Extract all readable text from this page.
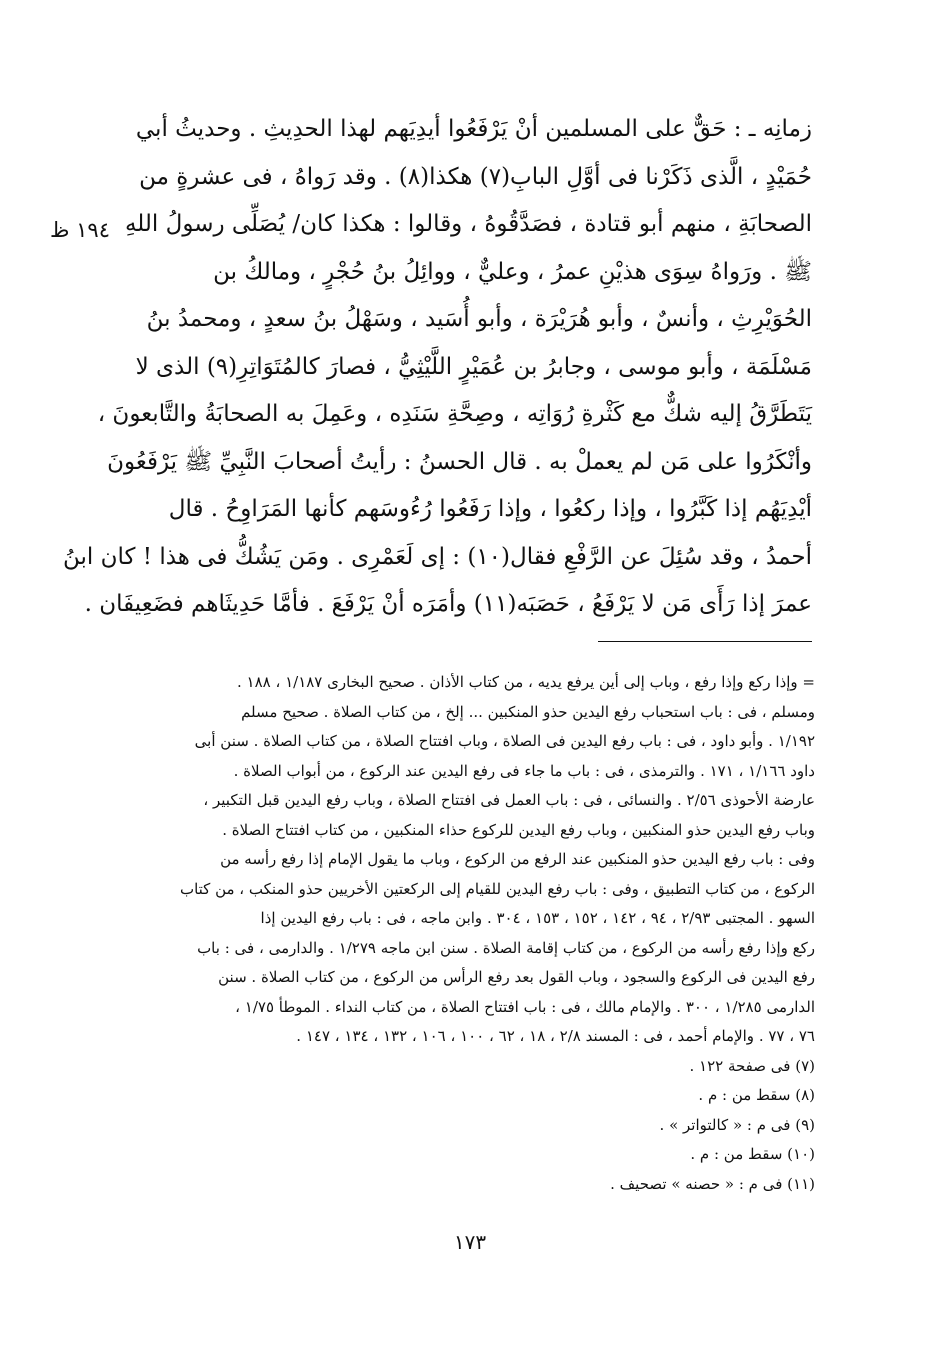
زمانِه ـ : حَقٌّ على المسلمين أنْ يَرْفَعُوا أيدِيَهم لهذا الحدِيثِ . وحديثُ أبي
حُمَيْدٍ ، الَّذى ذَكَرْنا فى أوَّلِ البابِ(٧) هكذا(٨) . وقد رَواهُ ، فى عشرةٍ من
الصحابَةِ ، منهم أبو قتادة ، فصَدَّقُوهُ ، وقالوا : هكذا كان/ يُصَلِّى رسولُ اللهِ
ﷺ . ورَواهُ سِوَى هذيْنِ عمرُ ، وعليٌّ ، ووائِلُ بنُ حُجْرٍ ، ومالكُ بن
الحُوَيْرِثِ ، وأنسٌ ، وأبو هُرَيْرَة ، وأبو أُسَيد ، وسَهْلُ بنُ سعدٍ ، ومحمدُ بنُ
مَسْلَمَة ، وأبو موسى ، وجابرُ بن عُمَيْرٍ اللَّيْثِيُّ ، فصارَ كالمُتَوَاتِرِ(٩) الذى لا
يَتَطَرَّقُ إليه شكٌّ مع كَثْرةِ رُوَاتِه ، وصِحَّةِ سَنَدِه ، وعَمِلَ به الصحابَةُ والتَّابعونَ ،
وأنْكَرُوا على مَن لم يعملْ به . قال الحسنُ : رأيتُ أصحابَ النَّبِيِّ ﷺ يَرْفَعُونَ
أيْدِيَهُم إذا كَبَّرُوا ، وإذا ركعُوا ، وإذا رَفَعُوا رُءُوسَهم كأنها المَرَاوِحُ . قال
أحمدُ ، وقد سُئِلَ عن الرَّفْعِ فقال(١٠) : إى لَعَمْرِى . ومَن يَشُكُّ فى هذا ! كان ابنُ
عمرَ إذا رَأَى مَن لا يَرْفَعُ ، حَصَبَه(١١) وأمَرَه أنْ يَرْفَعَ . فأمَّا حَدِيثَاهم فضَعِيفَان .
١٩٤ ظ
= وإذا ركع وإذا رفع ، وباب إلى أين يرفع يديه ، من كتاب الأذان . صحيح البخارى ١/١٨٧ ، ١٨٨ .
ومسلم ، فى : باب استحباب رفع اليدين حذو المنكبين ... إلخ ، من كتاب الصلاة . صحيح مسلم
١/١٩٢ . وأبو داود ، فى : باب رفع اليدين فى الصلاة ، وباب افتتاح الصلاة ، من كتاب الصلاة . سنن أبى
داود ١/١٦٦ ، ١٧١ . والترمذى ، فى : باب ما جاء فى رفع اليدين عند الركوع ، من أبواب الصلاة .
عارضة الأحوذى ٢/٥٦ . والنسائى ، فى : باب العمل فى افتتاح الصلاة ، وباب رفع اليدين قبل التكبير ،
وباب رفع اليدين حذو المنكبين ، وباب رفع اليدين للركوع حذاء المنكبين ، من كتاب افتتاح الصلاة .
وفى : باب رفع اليدين حذو المنكبين عند الرفع من الركوع ، وباب ما يقول الإمام إذا رفع رأسه من
الركوع ، من كتاب التطبيق ، وفى : باب رفع اليدين للقيام إلى الركعتين الأخريين حذو المنكب ، من كتاب
السهو . المجتبى ٢/٩٣ ، ٩٤ ، ١٤٢ ، ١٥٢ ، ١٥٣ ، ٣٠٤ . وابن ماجه ، فى : باب رفع اليدين إذا
ركع وإذا رفع رأسه من الركوع ، من كتاب إقامة الصلاة . سنن ابن ماجه ١/٢٧٩ . والدارمى ، فى : باب
رفع اليدين فى الركوع والسجود ، وباب القول بعد رفع الرأس من الركوع ، من كتاب الصلاة . سنن
الدارمى ١/٢٨٥ ، ٣٠٠ . والإمام مالك ، فى : باب افتتاح الصلاة ، من كتاب النداء . الموطأ ١/٧٥ ،
٧٦ ، ٧٧ . والإمام أحمد ، فى : المسند ٢/٨ ، ١٨ ، ٦٢ ، ١٠٠ ، ١٠٦ ، ١٣٢ ، ١٣٤ ، ١٤٧ .
(٧) فى صفحة ١٢٢ .
(٨) سقط من : م .
(٩) فى م : « كالتواتر » .
(١٠) سقط من : م .
(١١) فى م : « حصنه » تصحيف .
١٧٣
